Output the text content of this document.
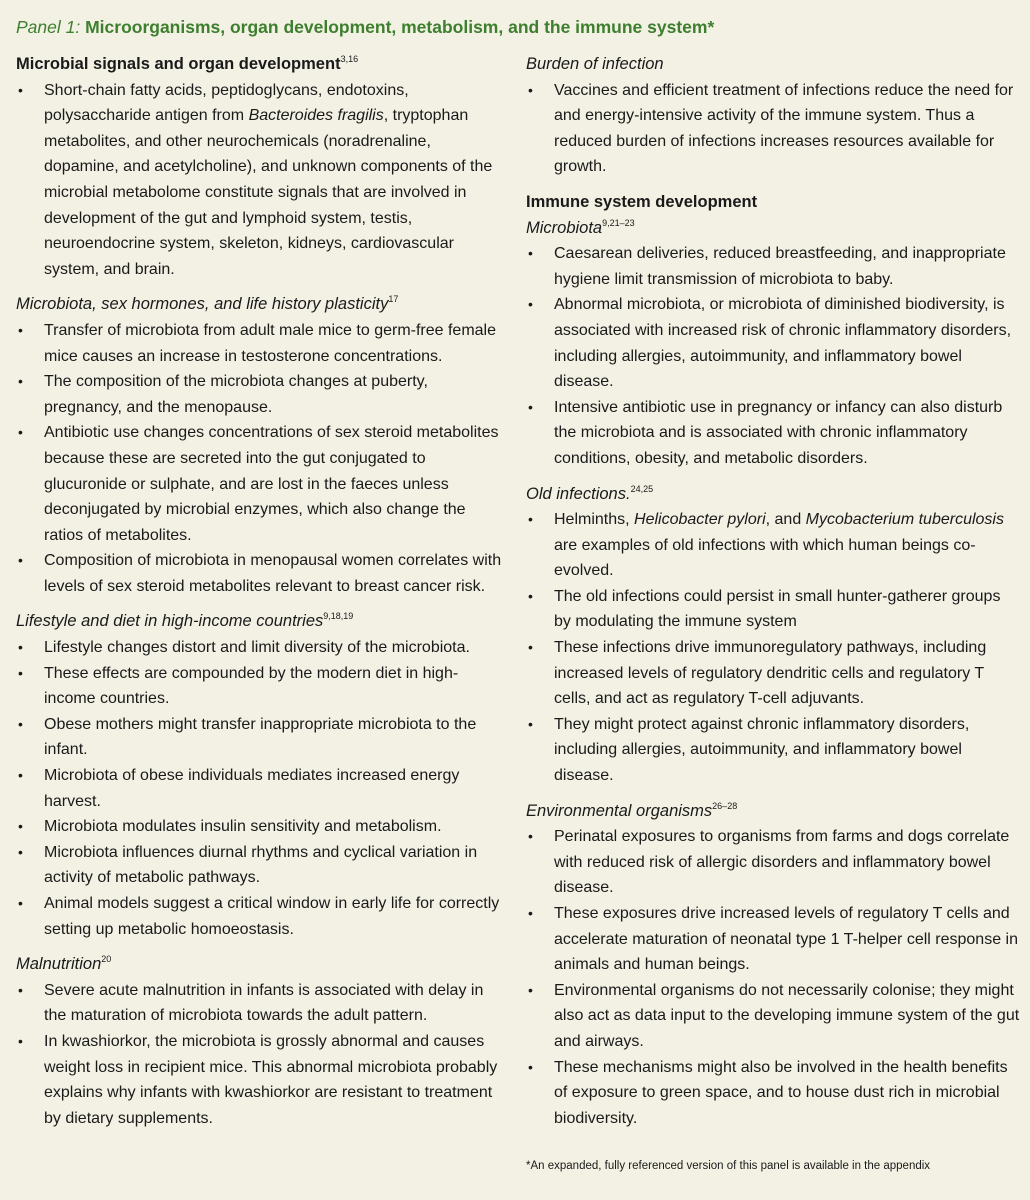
Panel 1: Microorganisms, organ development, metabolism, and the immune system*

Microbial signals and organ development$^{3,16}$

• Short-chain fatty acids, peptidoglycans, endotoxins, polysaccharide antigen from Bacteroides fragilis, tryptophan metabolites, and other neurochemicals (noradrenaline, dopamine, and acetylcholine), and unknown components of the microbial metabolome constitute signals that are involved in development of the gut and lymphoid system, testis, neuroendocrine system, skeleton, kidneys, cardiovascular system, and brain.

Microbiota, sex hormones, and life history plasticity$^{17}$

• Transfer of microbiota from adult male mice to germ-free female mice causes an increase in testosterone concentrations.
• The composition of the microbiota changes at puberty, pregnancy, and the menopause.
• Antibiotic use changes concentrations of sex steroid metabolites because these are secreted into the gut conjugated to glucuronide or sulphate, and are lost in the faeces unless deconjugated by microbial enzymes, which also change the ratios of metabolites.
• Composition of microbiota in menopausal women correlates with levels of sex steroid metabolites relevant to breast cancer risk.

Lifestyle and diet in high-income countries$^{9,18,19}$

• Lifestyle changes distort and limit diversity of the microbiota.
• These effects are compounded by the modern diet in high-income countries.
• Obese mothers might transfer inappropriate microbiota to the infant.
• Microbiota of obese individuals mediates increased energy harvest.
• Microbiota modulates insulin sensitivity and metabolism.
• Microbiota influences diurnal rhythms and cyclical variation in activity of metabolic pathways.
• Animal models suggest a critical window in early life for correctly setting up metabolic homoeostasis.

Malnutrition$^{20}$

• Severe acute malnutrition in infants is associated with delay in the maturation of microbiota towards the adult pattern.
• In kwashiorkor, the microbiota is grossly abnormal and causes weight loss in recipient mice. This abnormal microbiota probably explains why infants with kwashiorkor are resistant to treatment by dietary supplements.

Burden of infection

• Vaccines and efficient treatment of infections reduce the need for and energy-intensive activity of the immune system. Thus a reduced burden of infections increases resources available for growth.

Immune system development

Microbiota$^{9,21-23}$

• Caesarean deliveries, reduced breastfeeding, and inappropriate hygiene limit transmission of microbiota to baby.
• Abnormal microbiota, or microbiota of diminished biodiversity, is associated with increased risk of chronic inflammatory disorders, including allergies, autoimmunity, and inflammatory bowel disease.
• Intensive antibiotic use in pregnancy or infancy can also disturb the microbiota and is associated with chronic inflammatory conditions, obesity, and metabolic disorders.

Old infections.$^{24,25}$

• Helminths, Helicobacter pylori, and Mycobacterium tuberculosis are examples of old infections with which human beings co-evolved.
• The old infections could persist in small hunter-gatherer groups by modulating the immune system
• These infections drive immunoregulatory pathways, including increased levels of regulatory dendritic cells and regulatory T cells, and act as regulatory T-cell adjuvants.
• They might protect against chronic inflammatory disorders, including allergies, autoimmunity, and inflammatory bowel disease.

Environmental organisms$^{26-28}$

• Perinatal exposures to organisms from farms and dogs correlate with reduced risk of allergic disorders and inflammatory bowel disease.
• These exposures drive increased levels of regulatory T cells and accelerate maturation of neonatal type 1 T-helper cell response in animals and human beings.
• Environmental organisms do not necessarily colonise; they might also act as data input to the developing immune system of the gut and airways.
• These mechanisms might also be involved in the health benefits of exposure to green space, and to house dust rich in microbial biodiversity.
*An expanded, fully referenced version of this panel is available in the appendix
